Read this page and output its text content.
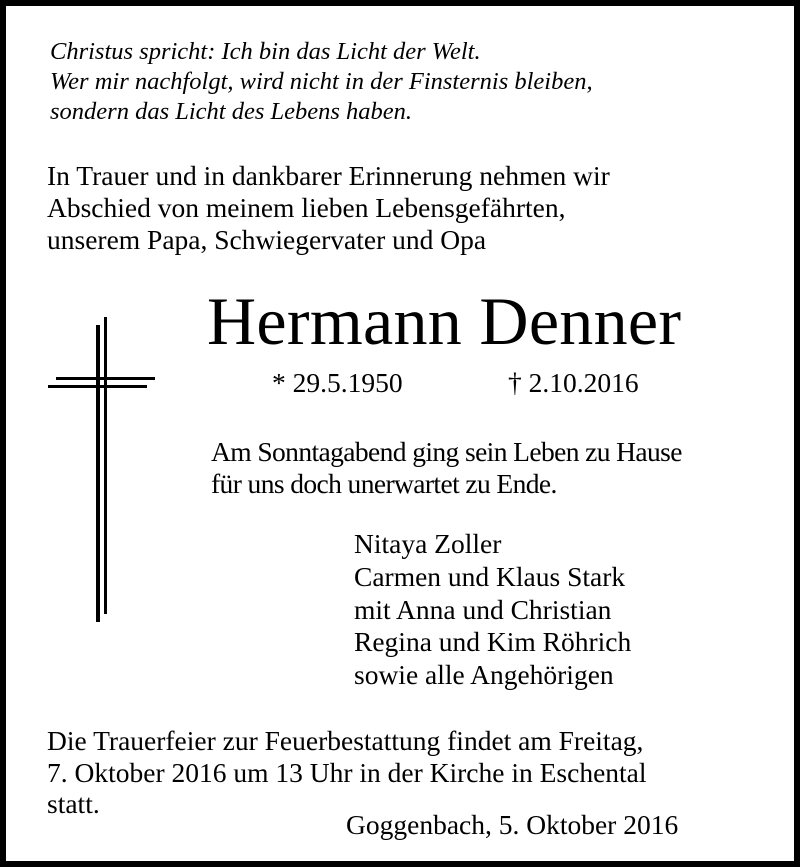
Christus spricht: Ich bin das Licht der Welt.
Wer mir nachfolgt, wird nicht in der Finsternis bleiben,
sondern das Licht des Lebens haben.
In Trauer und in dankbarer Erinnerung nehmen wir
Abschied von meinem lieben Lebensgefährten,
unserem Papa, Schwiegervater und Opa
Hermann Denner
* 29.5.1950	† 2.10.2016
Am Sonntagabend ging sein Leben zu Hause
für uns doch unerwartet zu Ende.
Nitaya Zoller
Carmen und Klaus Stark
mit Anna und Christian
Regina und Kim Röhrich
sowie alle Angehörigen
Die Trauerfeier zur Feuerbestattung findet am Freitag,
7. Oktober 2016 um 13 Uhr in der Kirche in Eschental
statt.
Goggenbach, 5. Oktober 2016
